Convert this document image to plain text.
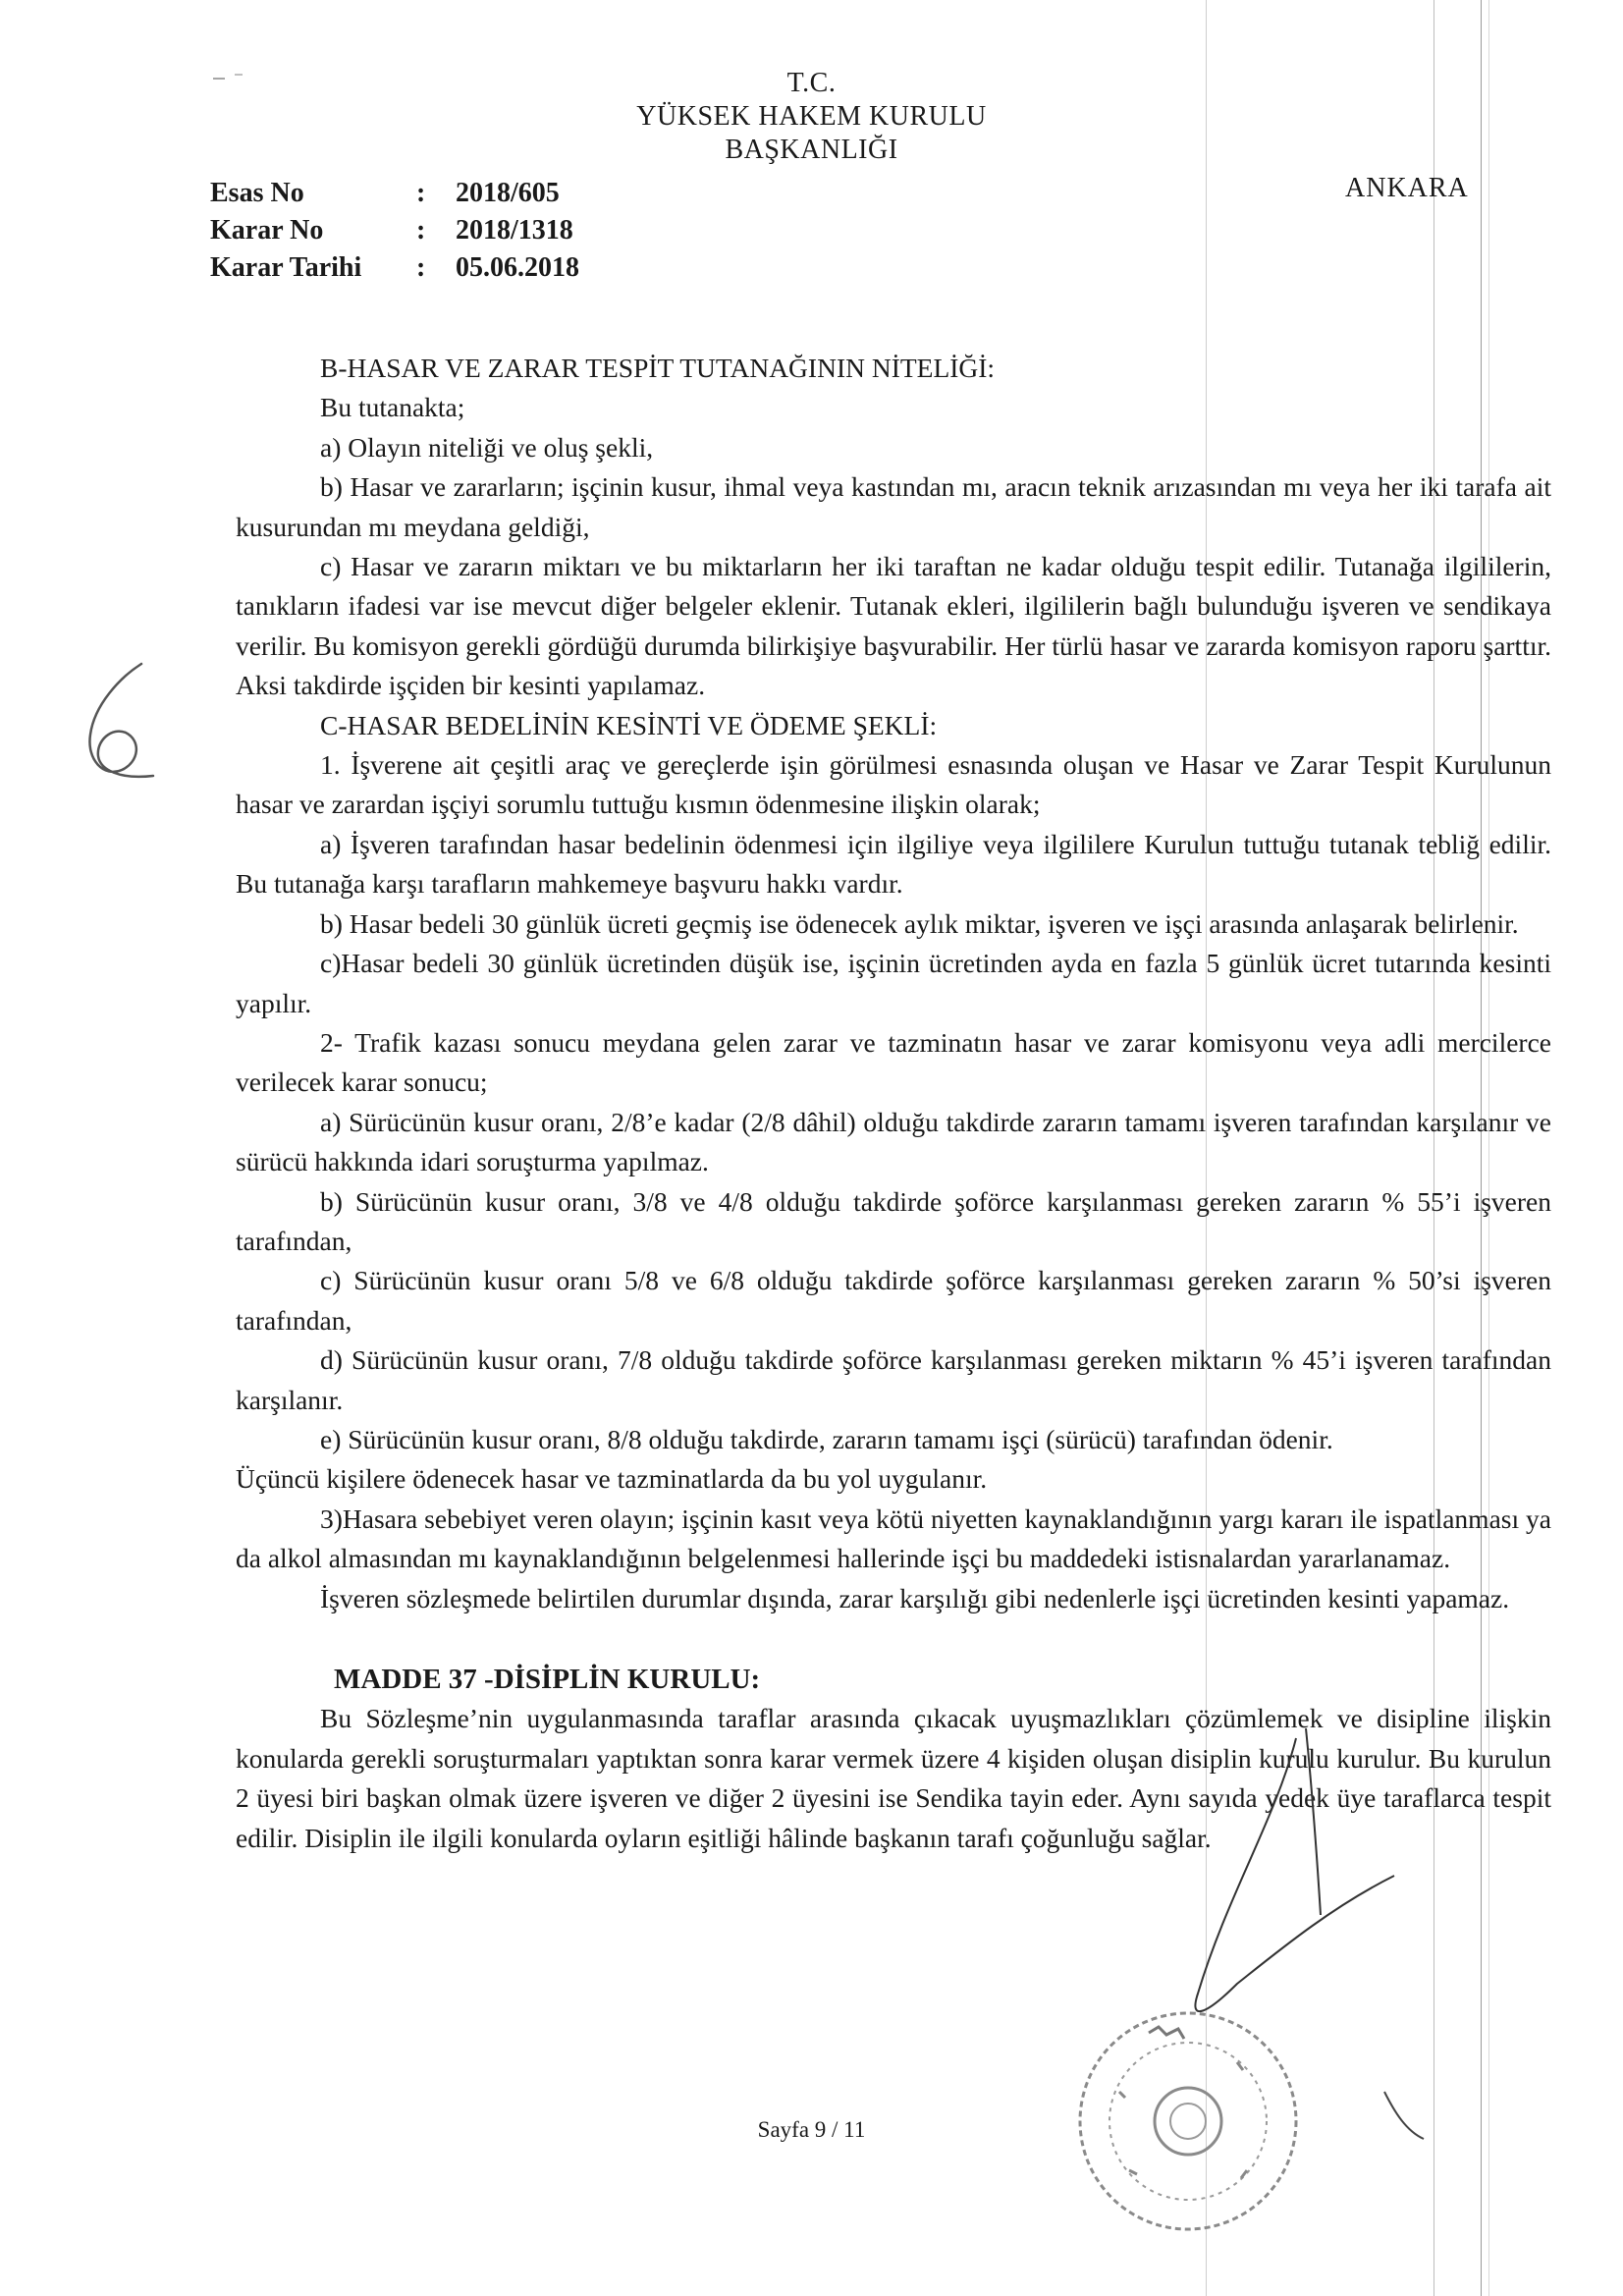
T.C.
YÜKSEK HAKEM KURULU
BAŞKANLIĞI
Esas No	:	2018/605
Karar No	:	2018/1318
Karar Tarihi	:	05.06.2018
ANKARA

B-HASAR VE ZARAR TESPİT TUTANAĞININ NİTELİĞİ:

Bu tutanakta;

a) Olayın niteliği ve oluş şekli,

b) Hasar ve zararların; işçinin kusur, ihmal veya kastından mı, aracın teknik arızasından mı veya her iki tarafa ait kusurundan mı meydana geldiği,

c) Hasar ve zararın miktarı ve bu miktarların her iki taraftan ne kadar olduğu tespit edilir. Tutanağa ilgililerin, tanıkların ifadesi var ise mevcut diğer belgeler eklenir. Tutanak ekleri, ilgililerin bağlı bulunduğu işveren ve sendikaya verilir. Bu komisyon gerekli gördüğü durumda bilirkişiye başvurabilir. Her türlü hasar ve zararda komisyon raporu şarttır. Aksi takdirde işçiden bir kesinti yapılamaz.

C-HASAR BEDELİNİN KESİNTİ VE ÖDEME ŞEKLİ:

1. İşverene ait çeşitli araç ve gereçlerde işin görülmesi esnasında oluşan ve Hasar ve Zarar Tespit Kurulunun hasar ve zarardan işçiyi sorumlu tuttuğu kısmın ödenmesine ilişkin olarak;

a) İşveren tarafından hasar bedelinin ödenmesi için ilgiliye veya ilgililere Kurulun tuttuğu tutanak tebliğ edilir. Bu tutanağa karşı tarafların mahkemeye başvuru hakkı vardır.

b) Hasar bedeli 30 günlük ücreti geçmiş ise ödenecek aylık miktar, işveren ve işçi arasında anlaşarak belirlenir.

c)Hasar bedeli 30 günlük ücretinden düşük ise, işçinin ücretinden ayda en fazla 5 günlük ücret tutarında kesinti yapılır.

2- Trafik kazası sonucu meydana gelen zarar ve tazminatın hasar ve zarar komisyonu veya adli mercilerce verilecek karar sonucu;

a) Sürücünün kusur oranı, 2/8’e kadar (2/8 dâhil) olduğu takdirde zararın tamamı işveren tarafından karşılanır ve sürücü hakkında idari soruşturma yapılmaz.

b) Sürücünün kusur oranı, 3/8 ve 4/8 olduğu takdirde şoförce karşılanması gereken zararın % 55’i işveren tarafından,

c) Sürücünün kusur oranı 5/8 ve 6/8 olduğu takdirde şoförce karşılanması gereken zararın % 50’si işveren tarafından,

d) Sürücünün kusur oranı, 7/8 olduğu takdirde şoförce karşılanması gereken miktarın % 45’i işveren tarafından karşılanır.

e) Sürücünün kusur oranı, 8/8 olduğu takdirde, zararın tamamı işçi (sürücü) tarafından ödenir.

Üçüncü kişilere ödenecek hasar ve tazminatlarda da bu yol uygulanır.

3)Hasara sebebiyet veren olayın; işçinin kasıt veya kötü niyetten kaynaklandığının yargı kararı ile ispatlanması ya da alkol almasından mı kaynaklandığının belgelenmesi hallerinde işçi bu maddedeki istisnalardan yararlanamaz.

İşveren sözleşmede belirtilen durumlar dışında, zarar karşılığı gibi nedenlerle işçi ücretinden kesinti yapamaz.

MADDE 37 -DİSİPLİN KURULU:

Bu Sözleşme’nin uygulanmasında taraflar arasında çıkacak uyuşmazlıkları çözümlemek ve disipline ilişkin konularda gerekli soruşturmaları yaptıktan sonra karar vermek üzere 4 kişiden oluşan disiplin kurulu kurulur. Bu kurulun 2 üyesi biri başkan olmak üzere işveren ve diğer 2 üyesini ise Sendika tayin eder. Aynı sayıda yedek üye taraflarca tespit edilir. Disiplin ile ilgili konularda oyların eşitliği hâlinde başkanın tarafı çoğunluğu sağlar.

Sayfa 9 / 11
